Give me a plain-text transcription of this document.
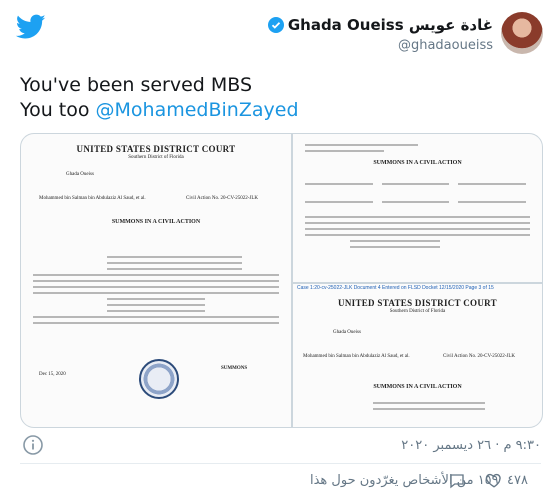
Ghada Oueiss غادة عويس
@ghadaoueiss
You've been served MBS
You too @MohamedBinZayed
UNITED STATES DISTRICT COURT
Southern District of Florida
Ghada Oueiss
Mohammed bin Salman bin Abdulaziz Al Saud, et al.	Civil Action No. 20-CV-25022-JLK
SUMMONS IN A CIVIL ACTION
Dec 15, 2020
SUMMONS
SUMMONS IN A CIVIL ACTION

Case 1:20-cv-25022-JLK Document 4 Entered on FLSD Docket 12/15/2020 Page 3 of 15
UNITED STATES DISTRICT COURT
Southern District of Florida
Ghada Oueiss
Mohammed bin Salman bin Abdulaziz Al Saud, et al.	Civil Action No. 20-CV-25022-JLK
SUMMONS IN A CIVIL ACTION
٩:٣٠ م · ٢٦ ديسمبر ٢٠٢٠
٤٧٨
١٥٩ من الأشخاص يغرّدون حول هذا
